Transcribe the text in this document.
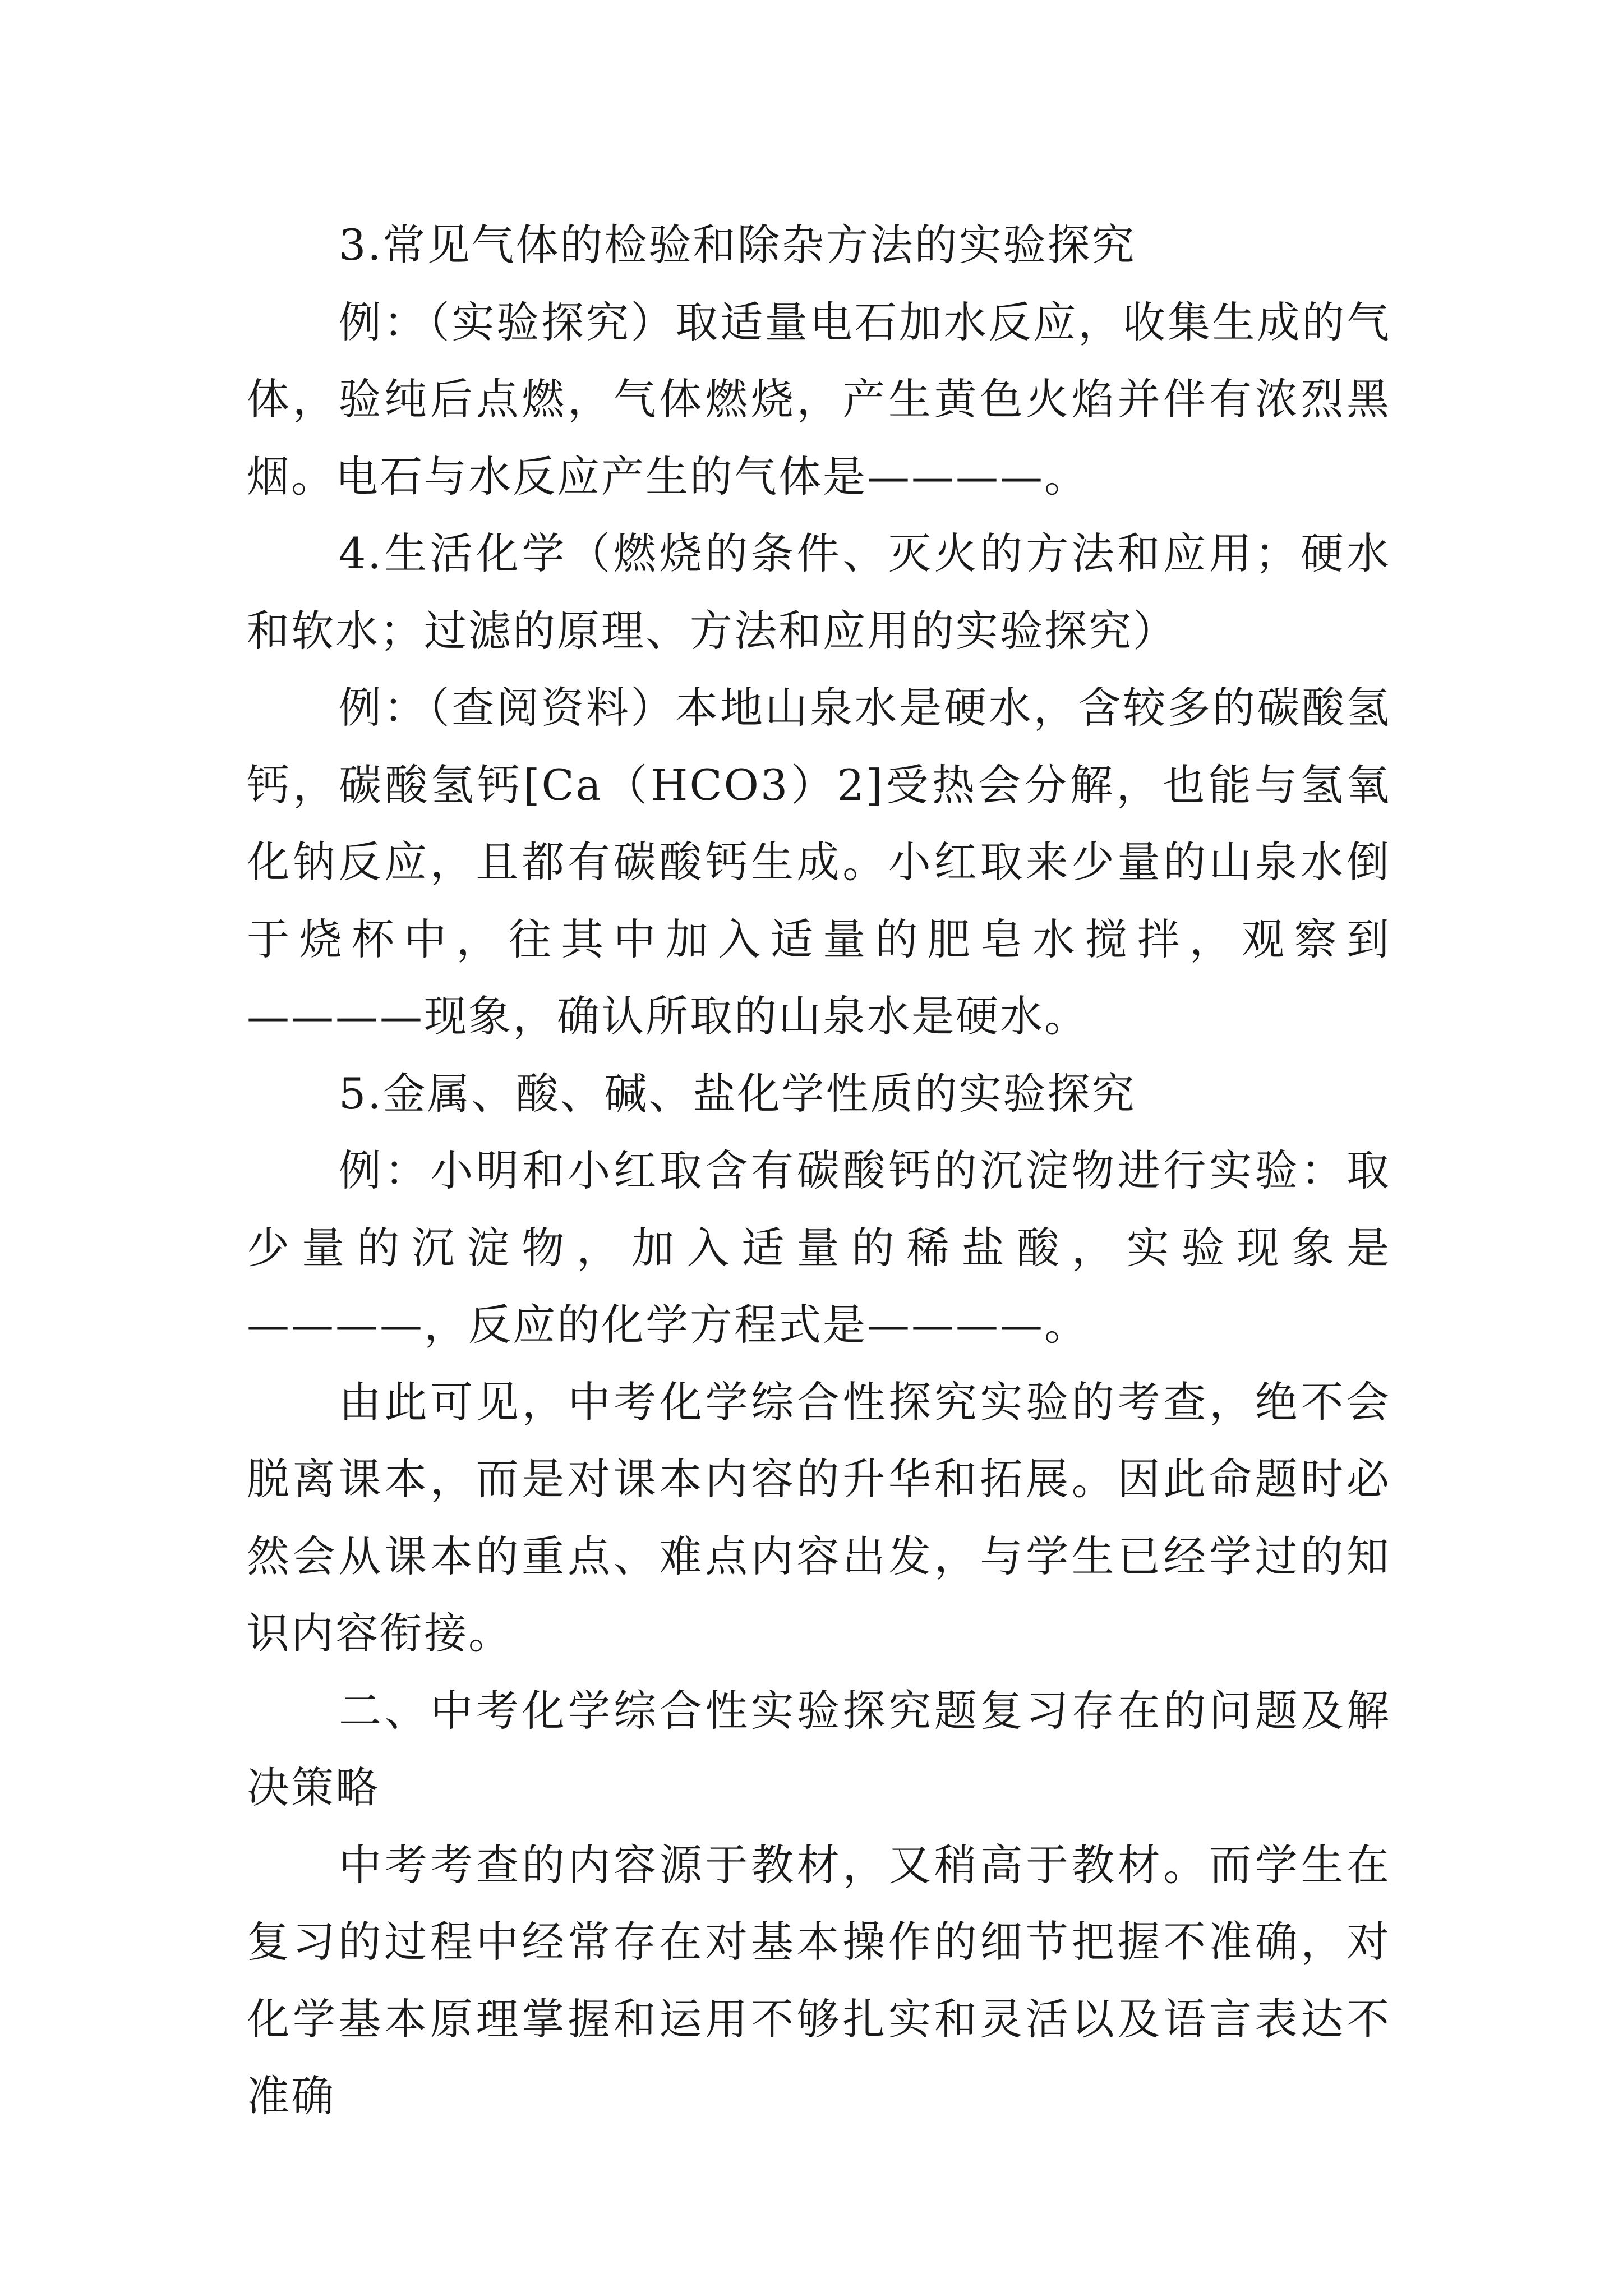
3.常见气体的检验和除杂方法的实验探究

例：（实验探究）取适量电石加水反应，收集生成的气体，验纯后点燃，气体燃烧，产生黄色火焰并伴有浓烈黑烟。电石与水反应产生的气体是————。

4.生活化学（燃烧的条件、灭火的方法和应用；硬水和软水；过滤的原理、方法和应用的实验探究）

例：（查阅资料）本地山泉水是硬水，含较多的碳酸氢钙，碳酸氢钙[Ca（HCO3）2]受热会分解，也能与氢氧化钠反应，且都有碳酸钙生成。小红取来少量的山泉水倒于烧杯中，往其中加入适量的肥皂水搅拌，观察到————现象，确认所取的山泉水是硬水。

5.金属、酸、碱、盐化学性质的实验探究

例：小明和小红取含有碳酸钙的沉淀物进行实验：取少量的沉淀物，加入适量的稀盐酸，实验现象是————，反应的化学方程式是————。

由此可见，中考化学综合性探究实验的考查，绝不会脱离课本，而是对课本内容的升华和拓展。因此命题时必然会从课本的重点、难点内容出发，与学生已经学过的知识内容衔接。

二、中考化学综合性实验探究题复习存在的问题及解决策略

中考考查的内容源于教材，又稍高于教材。而学生在复习的过程中经常存在对基本操作的细节把握不准确，对化学基本原理掌握和运用不够扎实和灵活以及语言表达不准确
